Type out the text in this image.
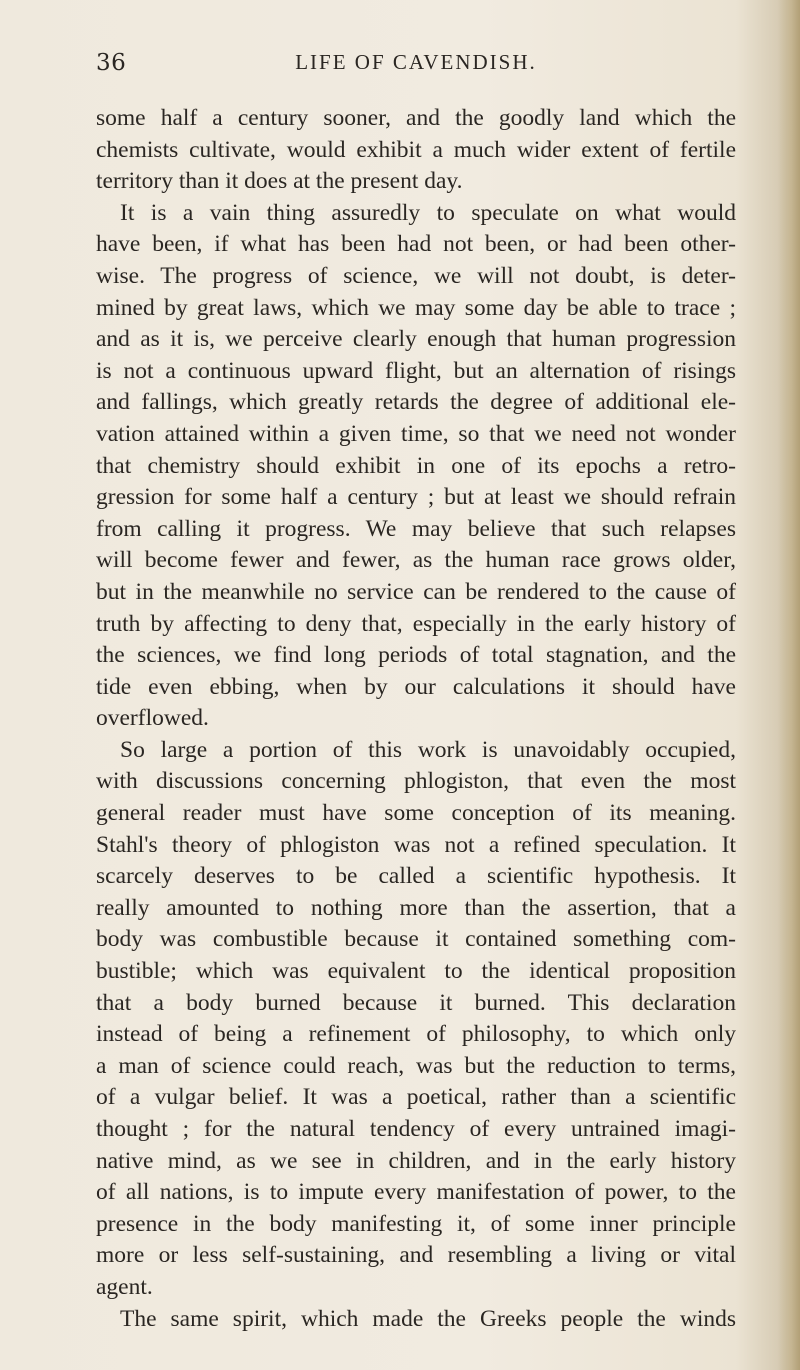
36	LIFE OF CAVENDISH.
some half a century sooner, and the goodly land which the
chemists cultivate, would exhibit a much wider extent of fertile
territory than it does at the present day.
It is a vain thing assuredly to speculate on what would
have been, if what has been had not been, or had been other-
wise. The progress of science, we will not doubt, is deter-
mined by great laws, which we may some day be able to trace ;
and as it is, we perceive clearly enough that human progression
is not a continuous upward flight, but an alternation of risings
and fallings, which greatly retards the degree of additional ele-
vation attained within a given time, so that we need not wonder
that chemistry should exhibit in one of its epochs a retro-
gression for some half a century ; but at least we should refrain
from calling it progress. We may believe that such relapses
will become fewer and fewer, as the human race grows older,
but in the meanwhile no service can be rendered to the cause of
truth by affecting to deny that, especially in the early history of
the sciences, we find long periods of total stagnation, and the
tide even ebbing, when by our calculations it should have
overflowed.
So large a portion of this work is unavoidably occupied,
with discussions concerning phlogiston, that even the most
general reader must have some conception of its meaning.
Stahl's theory of phlogiston was not a refined speculation. It
scarcely deserves to be called a scientific hypothesis. It
really amounted to nothing more than the assertion, that a
body was combustible because it contained something com-
bustible; which was equivalent to the identical proposition
that a body burned because it burned. This declaration
instead of being a refinement of philosophy, to which only
a man of science could reach, was but the reduction to terms,
of a vulgar belief. It was a poetical, rather than a scientific
thought ; for the natural tendency of every untrained imagi-
native mind, as we see in children, and in the early history
of all nations, is to impute every manifestation of power, to the
presence in the body manifesting it, of some inner principle
more or less self-sustaining, and resembling a living or vital
agent.
The same spirit, which made the Greeks people the winds
